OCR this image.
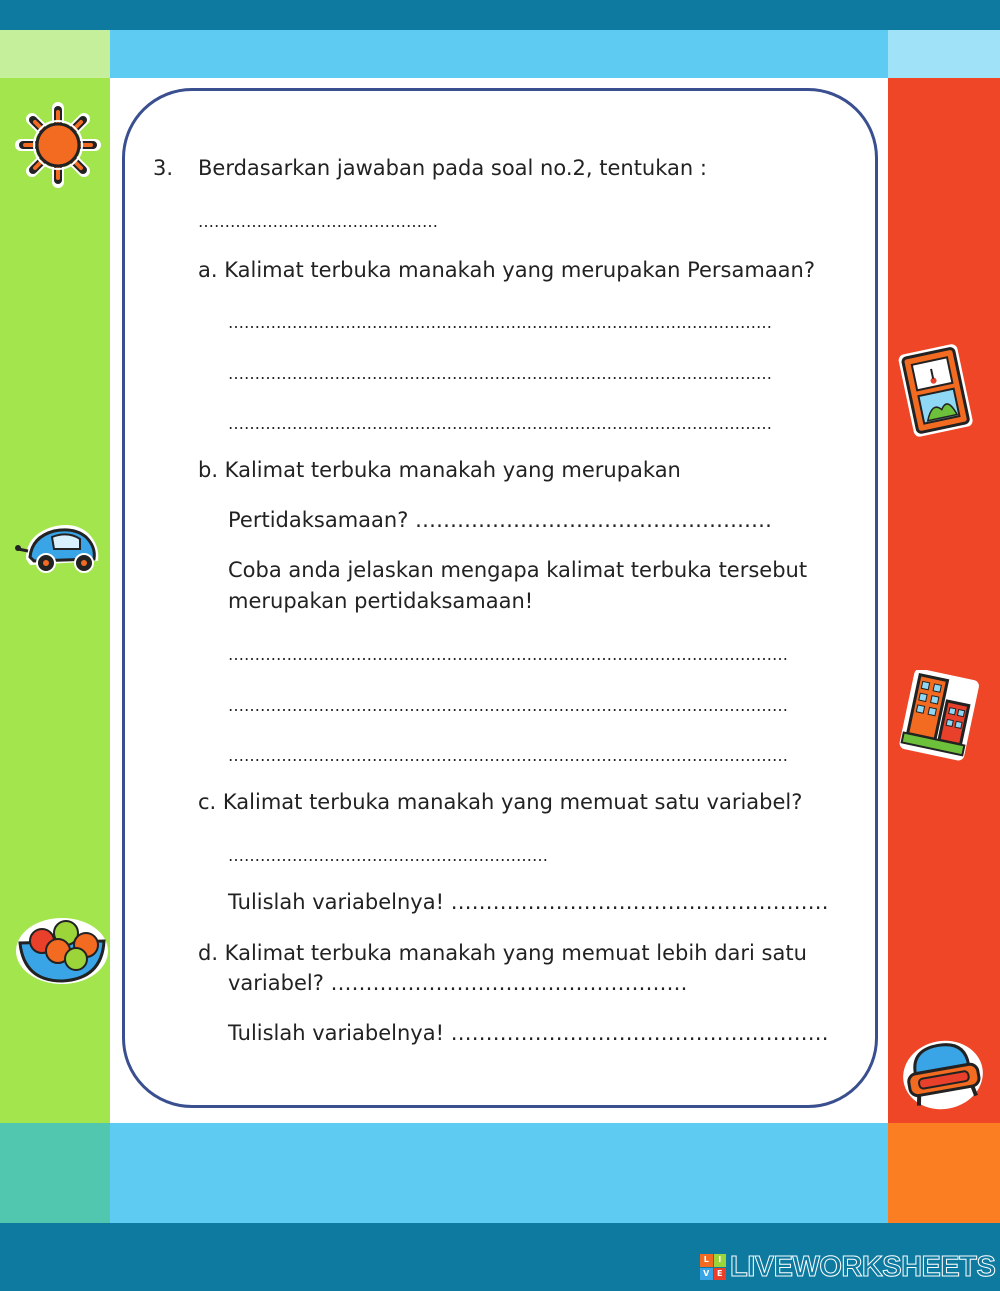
3. Berdasarkan jawaban pada soal no.2, tentukan :
………………………………………
a. Kalimat terbuka manakah yang merupakan Persamaan?
…………………………………………………………………………………………
…………………………………………………………………………………………
…………………………………………………………………………………………
b. Kalimat terbuka manakah yang merupakan
Pertidaksamaan? ……………………………………………
Coba anda jelaskan mengapa kalimat terbuka tersebut
merupakan pertidaksamaan!
……………………………………………………………………………………………
……………………………………………………………………………………………
……………………………………………………………………………………………
c. Kalimat terbuka manakah yang memuat satu variabel?
……………………………………………………
Tulislah variabelnya! ………………………………………………
d. Kalimat terbuka manakah yang memuat lebih dari satu
variabel? ……………………………………………
Tulislah variabelnya! ………………………………………………
L	I
V E LIVEWORKSHEETS
